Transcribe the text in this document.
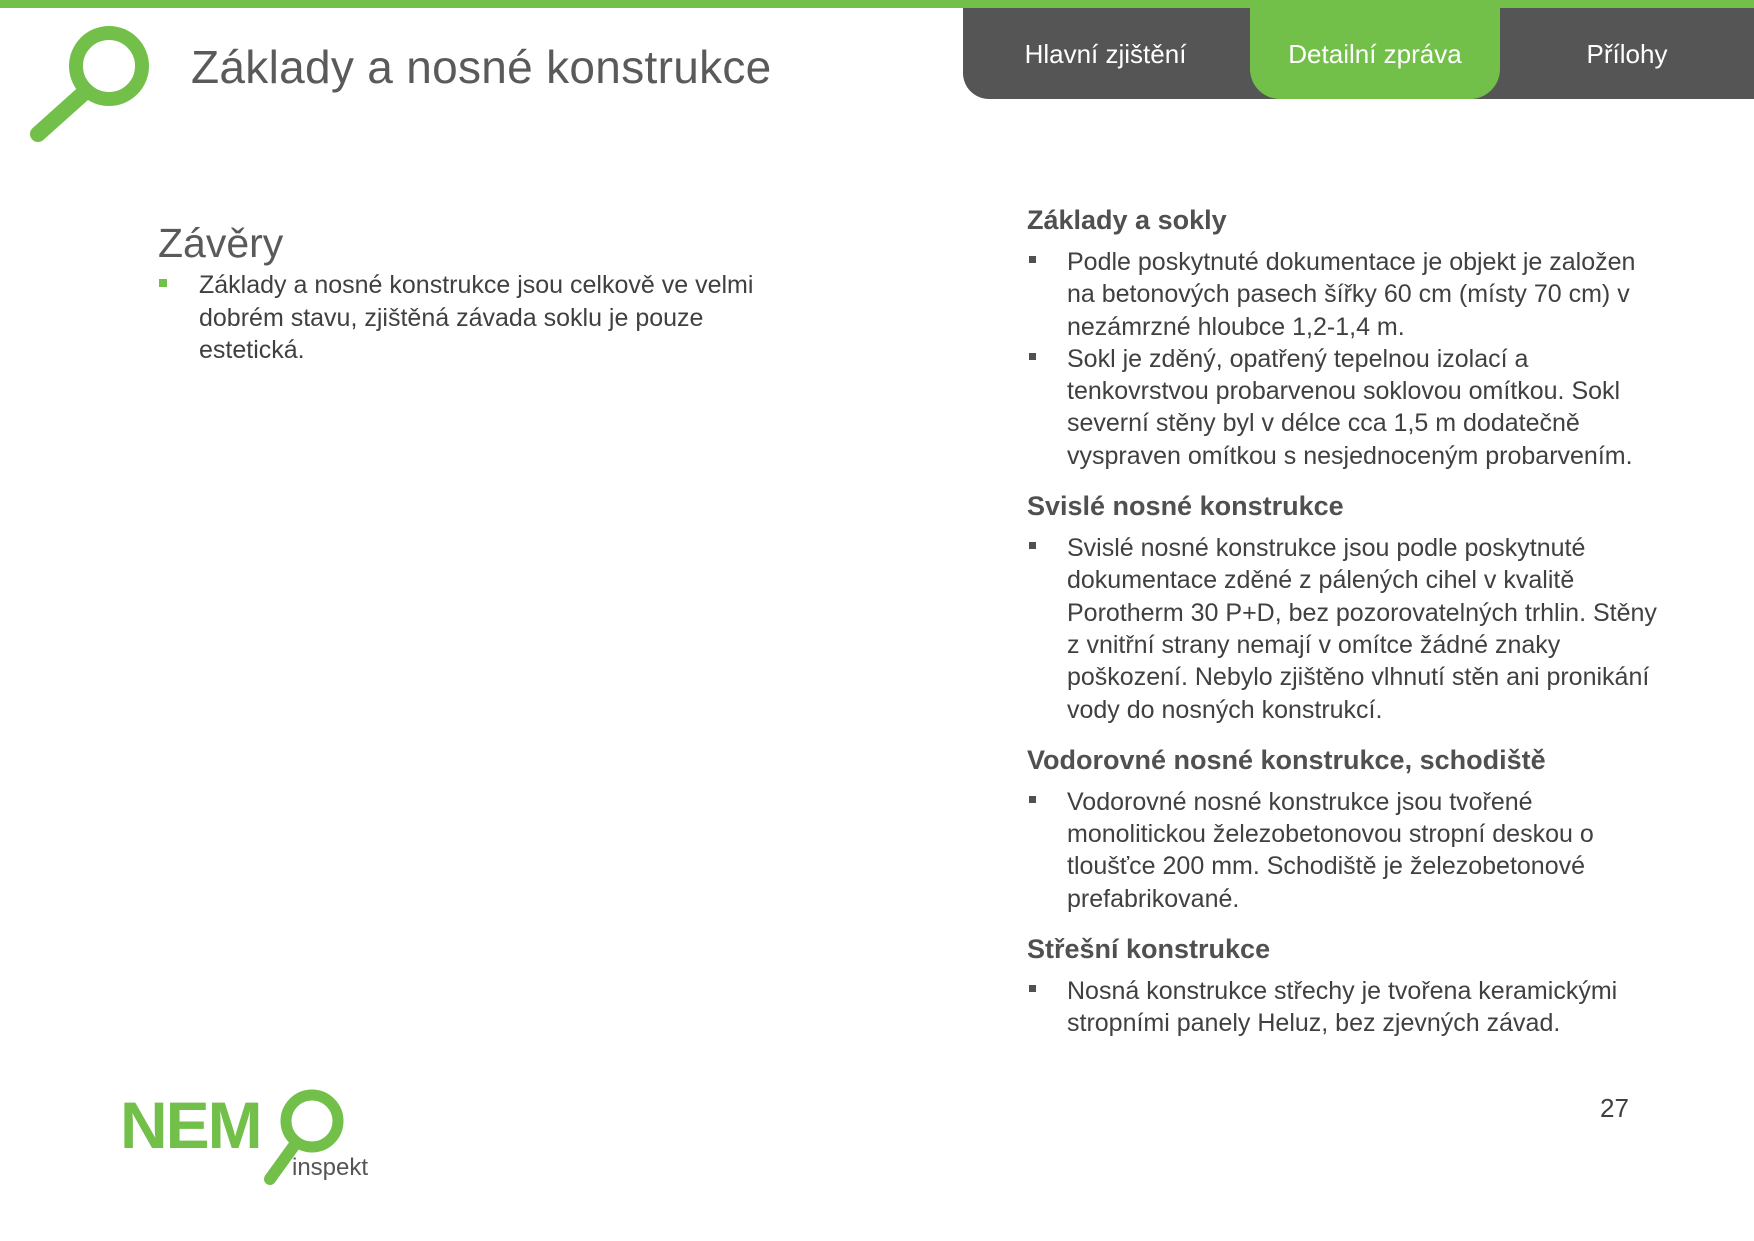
Základy a nosné konstrukce	Hlavní zjištění	Detailní zpráva	Přílohy
Závěry
Základy a nosné konstrukce jsou celkově ve velmi dobrém stavu, zjištěná závada soklu je pouze estetická.
Základy a sokly
Podle poskytnuté dokumentace je objekt je založen na betonových pasech šířky 60 cm (místy 70 cm) v nezámrzné hloubce 1,2-1,4 m.
Sokl je zděný, opatřený tepelnou izolací a tenkovrstvou probarvenou soklovou omítkou. Sokl severní stěny byl v délce cca 1,5 m dodatečně vyspraven omítkou s nesjednoceným probarvením.
Svislé nosné konstrukce
Svislé nosné konstrukce jsou podle poskytnuté dokumentace zděné z pálených cihel v kvalitě Porotherm 30 P+D, bez pozorovatelných trhlin. Stěny z vnitřní strany nemají v omítce žádné znaky poškození. Nebylo zjištěno vlhnutí stěn ani pronikání vody do nosných konstrukcí.
Vodorovné nosné konstrukce, schodiště
Vodorovné nosné konstrukce jsou tvořené monolitickou železobetonovou stropní deskou o tloušťce 200 mm. Schodiště je železobetonové prefabrikované.
Střešní konstrukce
Nosná konstrukce střechy je tvořena keramickými stropními panely Heluz, bez zjevných závad.
27
NEM
inspekt
